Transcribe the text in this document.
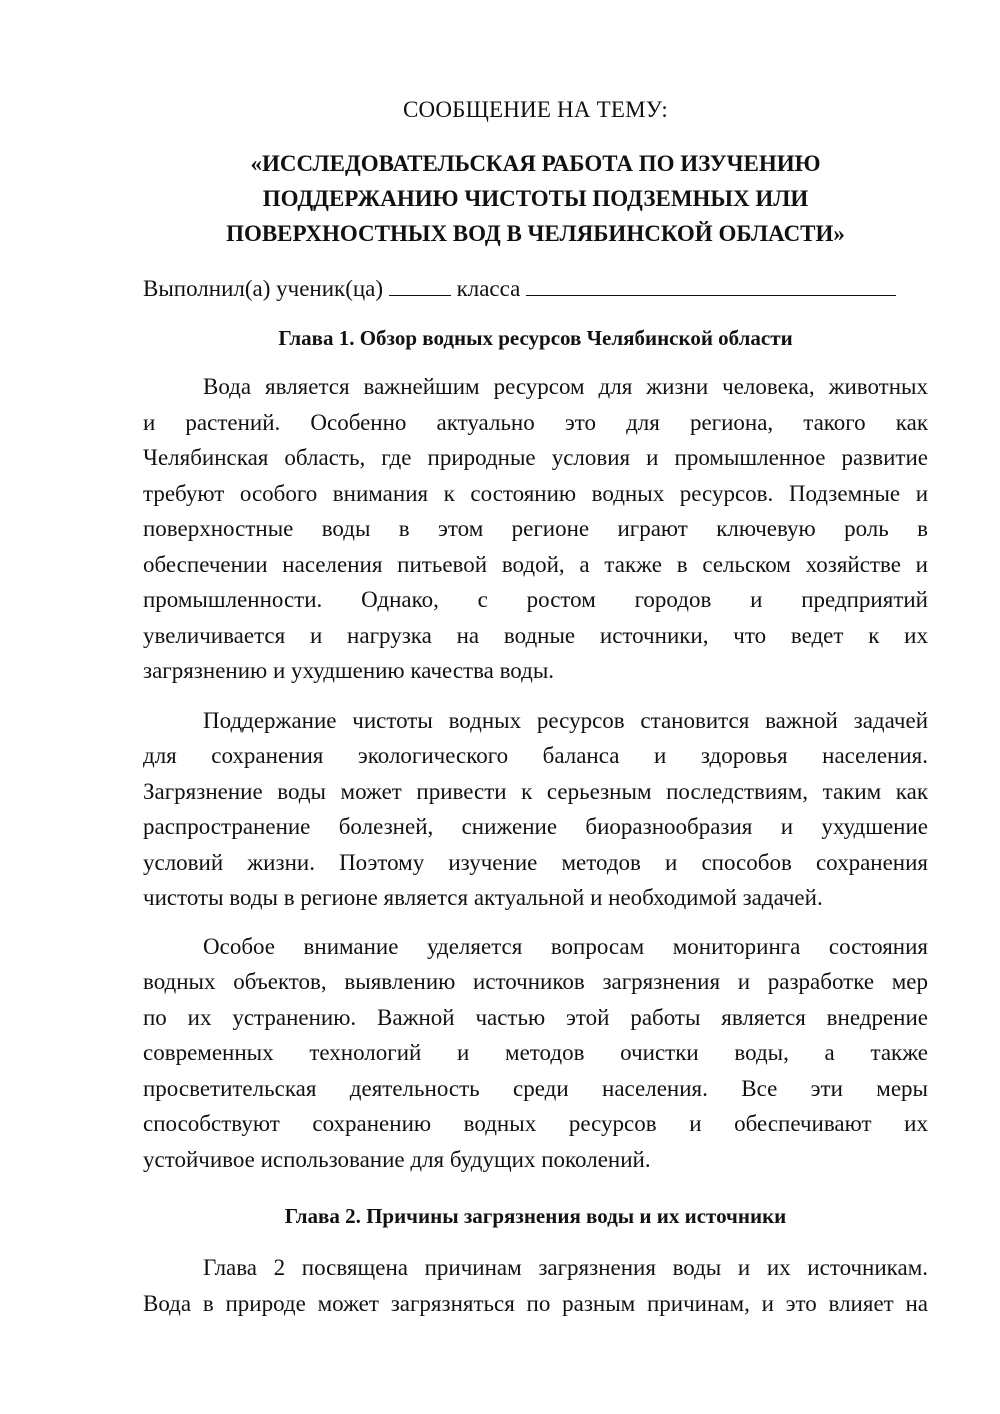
СООБЩЕНИЕ НА ТЕМУ:

«ИССЛЕДОВАТЕЛЬСКАЯ РАБОТА ПО ИЗУЧЕНИЮ

ПОДДЕРЖАНИЮ ЧИСТОТЫ ПОДЗЕМНЫХ ИЛИ

ПОВЕРХНОСТНЫХ ВОД В ЧЕЛЯБИНСКОЙ ОБЛАСТИ»

Выполнил(а) ученик(ца)	класса

Глава 1. Обзор водных ресурсов Челябинской области

Вода является важнейшим ресурсом для жизни человека, животных
и растений. Особенно актуально это для региона, такого как
Челябинская область, где природные условия и промышленное развитие
требуют особого внимания к состоянию водных ресурсов. Подземные и
поверхностные воды в этом регионе играют ключевую роль в
обеспечении населения питьевой водой, а также в сельском хозяйстве и
промышленности. Однако, с ростом городов и предприятий
увеличивается и нагрузка на водные источники, что ведет к их
загрязнению и ухудшению качества воды.
Поддержание чистоты водных ресурсов становится важной задачей
для сохранения экологического баланса и здоровья населения.
Загрязнение воды может привести к серьезным последствиям, таким как
распространение болезней, снижение биоразнообразия и ухудшение
условий жизни. Поэтому изучение методов и способов сохранения
чистоты воды в регионе является актуальной и необходимой задачей.
Особое внимание уделяется вопросам мониторинга состояния
водных объектов, выявлению источников загрязнения и разработке мер
по их устранению. Важной частью этой работы является внедрение
современных технологий и методов очистки воды, а также
просветительская деятельность среди населения. Все эти меры
способствуют сохранению водных ресурсов и обеспечивают их
устойчивое использование для будущих поколений.

Глава 2. Причины загрязнения воды и их источники

Глава 2 посвящена причинам загрязнения воды и их источникам.
Вода в природе может загрязняться по разным причинам, и это влияет на
